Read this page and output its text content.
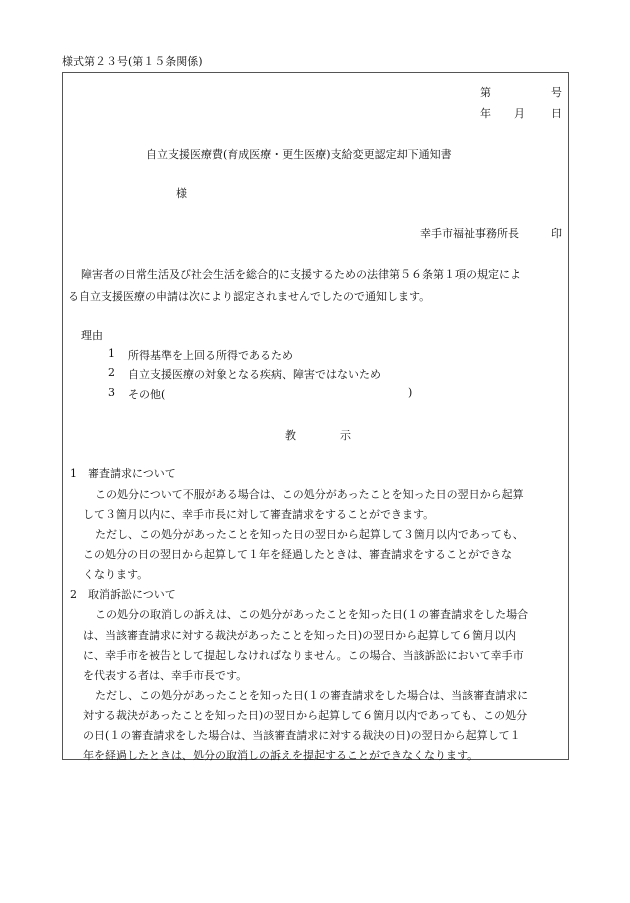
様式第２３号(第１５条関係)
第	号
年 月 日
自立支援医療費(育成医療・更生医療)支給変更認定却下通知書
様
幸手市福祉事務所長	印
障害者の日常生活及び社会生活を総合的に支援するための法律第５６条第１項の規定によ
る自立支援医療の申請は次により認定されませんでしたので通知します。
理由
1 所得基準を上回る所得であるため
2 自立支援医療の対象となる疾病、障害ではないため
3 その他(	)
教	示
1　審査請求について
この処分について不服がある場合は、この処分があったことを知った日の翌日から起算
して３箇月以内に、幸手市長に対して審査請求をすることができます。
ただし、この処分があったことを知った日の翌日から起算して３箇月以内であっても、
この処分の日の翌日から起算して１年を経過したときは、審査請求をすることができな
くなります。
2　取消訴訟について
この処分の取消しの訴えは、この処分があったことを知った日(１の審査請求をした場合
は、当該審査請求に対する裁決があったことを知った日)の翌日から起算して６箇月以内
に、幸手市を被告として提起しなければなりません。この場合、当該訴訟において幸手市
を代表する者は、幸手市長です。
ただし、この処分があったことを知った日(１の審査請求をした場合は、当該審査請求に
対する裁決があったことを知った日)の翌日から起算して６箇月以内であっても、この処分
の日(１の審査請求をした場合は、当該審査請求に対する裁決の日)の翌日から起算して１
年を経過したときは、処分の取消しの訴えを提起することができなくなります。
